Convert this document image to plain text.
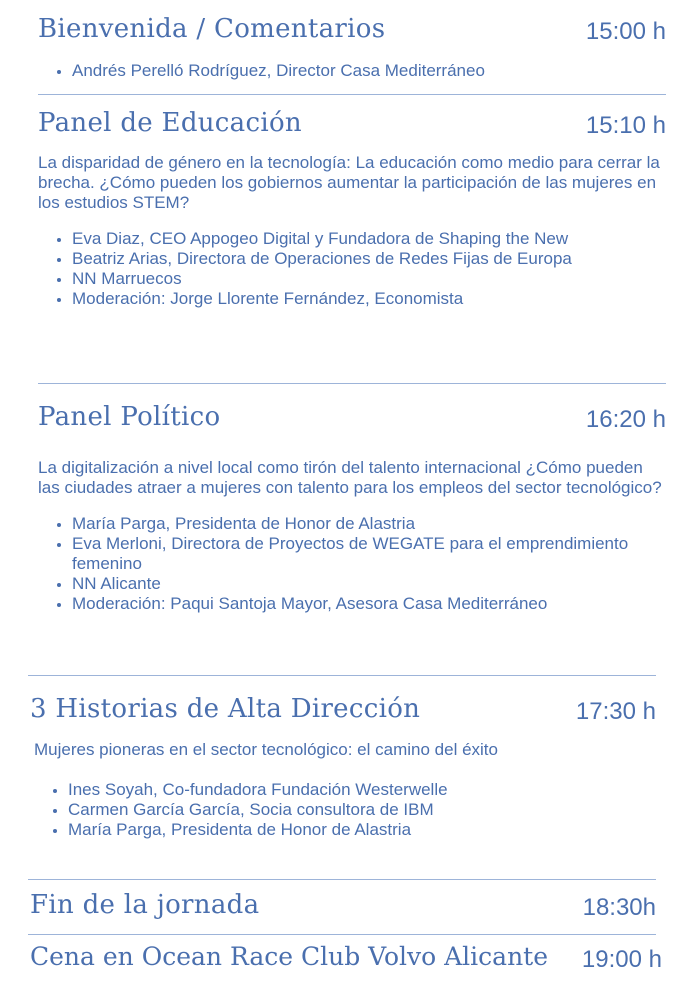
Bienvenida / Comentarios	15:00 h
• Andrés Perelló Rodríguez, Director Casa Mediterráneo
Panel de Educación	15:10 h

La disparidad de género en la tecnología: La educación como medio para cerrar la brecha. ¿Cómo pueden los gobiernos aumentar la participación de las mujeres en los estudios STEM?

• Eva Diaz, CEO Appogeo Digital y Fundadora de Shaping the New
• Beatriz Arias, Directora de Operaciones de Redes Fijas de Europa
• NN Marruecos
• Moderación: Jorge Llorente Fernández, Economista
Panel Político	16:20 h

La digitalización a nivel local como tirón del talento internacional ¿Cómo pueden las ciudades atraer a mujeres con talento para los empleos del sector tecnológico?

• María Parga, Presidenta de Honor de Alastria
• Eva Merloni, Directora de Proyectos de WEGATE para el emprendimiento femenino
• NN Alicante
• Moderación: Paqui Santoja Mayor, Asesora Casa Mediterráneo
3 Historias de Alta Dirección	17:30 h

Mujeres pioneras en el sector tecnológico: el camino del éxito

• Ines Soyah, Co-fundadora Fundación Westerwelle
• Carmen García García, Socia consultora de IBM
• María Parga, Presidenta de Honor de Alastria
Fin de la jornada	18:30h
Cena en Ocean Race Club Volvo Alicante 19:00 h
